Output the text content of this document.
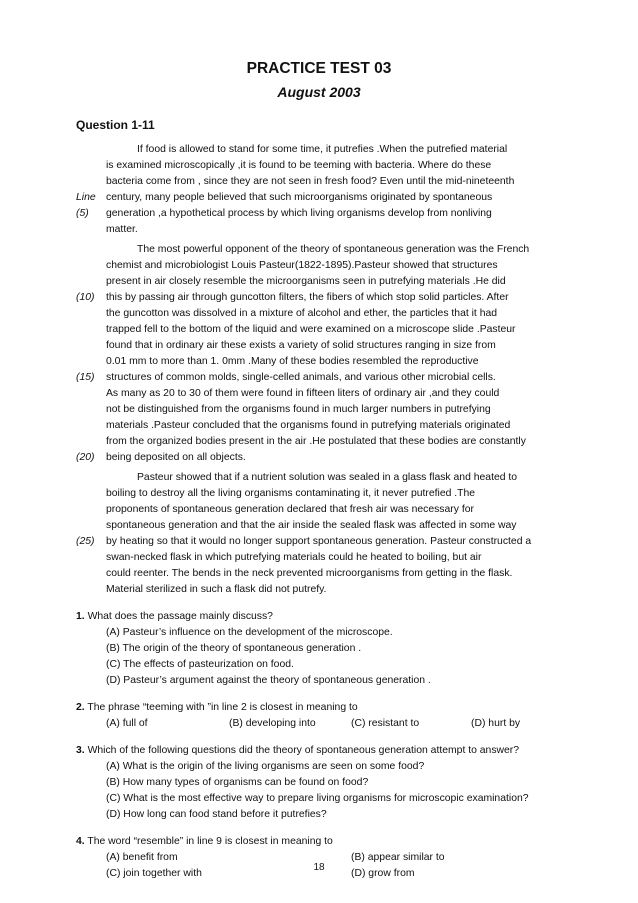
PRACTICE TEST 03
August 2003
Question 1-11
If food is allowed to stand for some time, it putrefies .When the putrefied material
is examined microscopically ,it is found to be teeming with bacteria. Where do these
bacteria come from , since they are not seen in fresh food? Even until the mid-nineteenth
century, many people believed that such microorganisms originated by spontaneous
Line
generation ,a hypothetical process by which living organisms develop from nonliving
(5)
matter.
The most powerful opponent of the theory of spontaneous generation was the French
chemist and microbiologist Louis Pasteur(1822-1895).Pasteur showed that structures
present in air closely resemble the microorganisms seen in putrefying materials .He did
this by passing air through guncotton filters, the fibers of which stop solid particles. After
(10)
the guncotton was dissolved in a mixture of alcohol and ether, the particles that it had
trapped fell to the bottom of the liquid and were examined on a microscope slide .Pasteur
found that in ordinary air these exists a variety of solid structures ranging in size from
0.01 mm to more than 1. 0mm .Many of these bodies resembled the reproductive
structures of common molds, single-celled animals, and various other microbial cells.
(15)
As many as 20 to 30 of them were found in fifteen liters of ordinary air ,and they could
not be distinguished from the organisms found in much larger numbers in putrefying
materials .Pasteur concluded that the organisms found in putrefying materials originated
from the organized bodies present in the air .He postulated that these bodies are constantly
being deposited on all objects.
(20)
Pasteur showed that if a nutrient solution was sealed in a glass flask and heated to
boiling to destroy all the living organisms contaminating it, it never putrefied .The
proponents of spontaneous generation declared that fresh air was necessary for
spontaneous generation and that the air inside the sealed flask was affected in some way
by heating so that it would no longer support spontaneous generation. Pasteur constructed a
(25)
swan-necked flask in which putrefying materials could he heated to boiling, but air
could reenter. The bends in the neck prevented microorganisms from getting in the flask.
Material sterilized in such a flask did not putrefy.
1. What does the passage mainly discuss?
(A) Pasteur’s influence on the development of the microscope.
(B) The origin of the theory of spontaneous generation .
(C) The effects of pasteurization on food.
(D) Pasteur’s argument against the theory of spontaneous generation .
2. The phrase “teeming with ”in line 2 is closest in meaning to
(A) full of	(B) developing into	(C) resistant to	(D) hurt by
3. Which of the following questions did the theory of spontaneous generation attempt to answer?
(A) What is the origin of the living organisms are seen on some food?
(B) How many types of organisms can be found on food?
(C) What is the most effective way to prepare living organisms for microscopic examination?
(D) How long can food stand before it putrefies?
4. The word “resemble” in line 9 is closest in meaning to
(A) benefit from	(B) appear similar to
(C) join together with	(D) grow from
18
